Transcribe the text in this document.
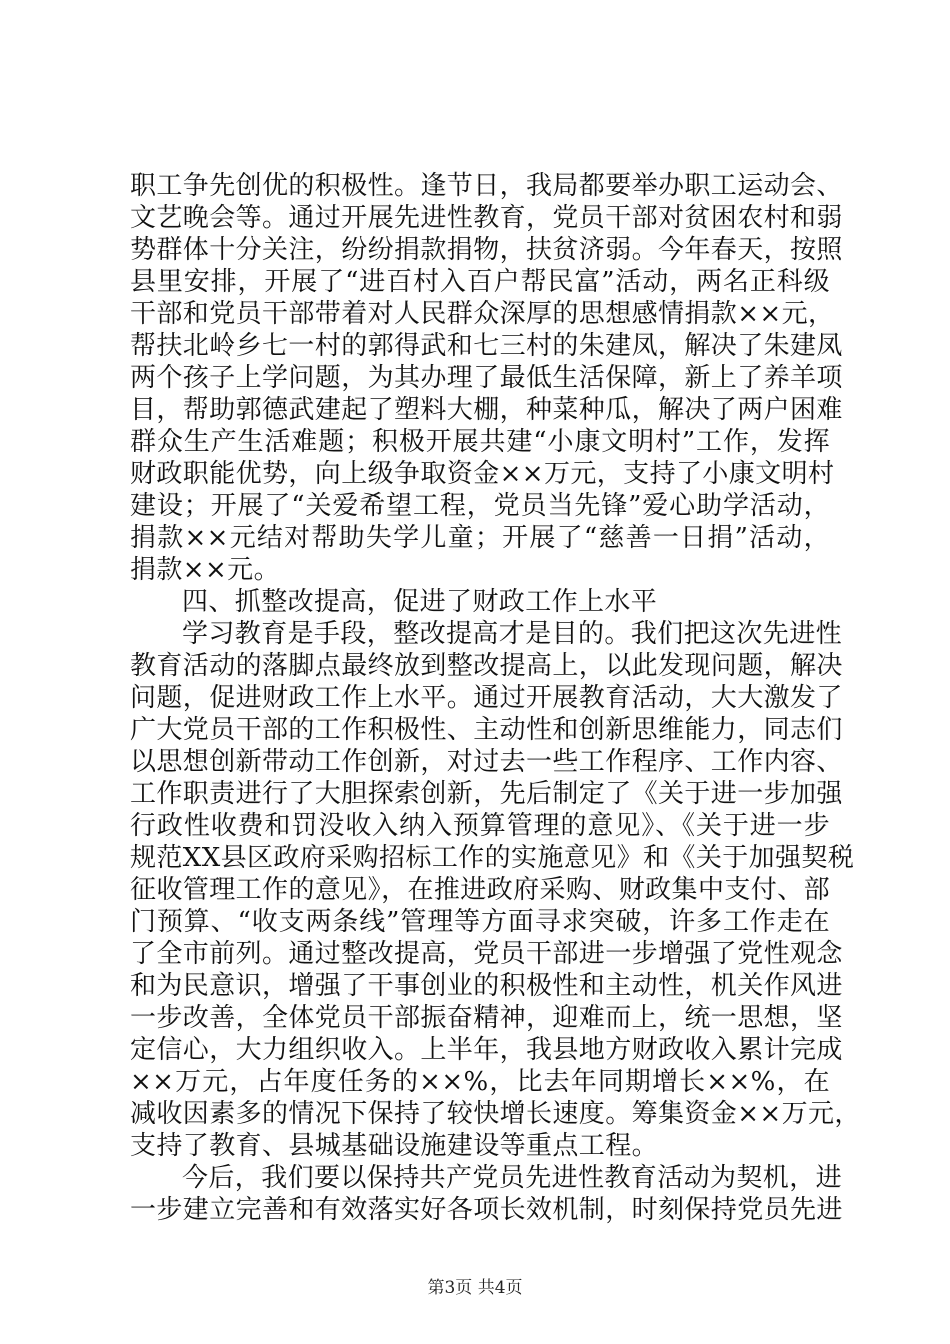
职工争先创优的积极性。逢节日，我局都要举办职工运动会、
文艺晚会等。通过开展先进性教育，党员干部对贫困农村和弱
势群体十分关注，纷纷捐款捐物，扶贫济弱。今年春天，按照
县里安排，开展了“进百村入百户帮民富”活动，两名正科级
干部和党员干部带着对人民群众深厚的思想感情捐款××元，
帮扶北岭乡七一村的郭得武和七三村的朱建凤，解决了朱建凤
两个孩子上学问题，为其办理了最低生活保障，新上了养羊项
目，帮助郭德武建起了塑料大棚，种菜种瓜，解决了两户困难
群众生产生活难题；积极开展共建“小康文明村”工作，发挥
财政职能优势，向上级争取资金××万元，支持了小康文明村
建设；开展了“关爱希望工程，党员当先锋”爱心助学活动，
捐款××元结对帮助失学儿童；开展了“慈善一日捐”活动，
捐款××元。
四、抓整改提高，促进了财政工作上水平
学习教育是手段，整改提高才是目的。我们把这次先进性
教育活动的落脚点最终放到整改提高上，以此发现问题，解决
问题，促进财政工作上水平。通过开展教育活动，大大激发了
广大党员干部的工作积极性、主动性和创新思维能力，同志们
以思想创新带动工作创新，对过去一些工作程序、工作内容、
工作职责进行了大胆探索创新，先后制定了《关于进一步加强
行政性收费和罚没收入纳入预算管理的意见》、《关于进一步
规范XX县区政府采购招标工作的实施意见》和《关于加强契税
征收管理工作的意见》，在推进政府采购、财政集中支付、部
门预算、“收支两条线”管理等方面寻求突破，许多工作走在
了全市前列。通过整改提高，党员干部进一步增强了党性观念
和为民意识，增强了干事创业的积极性和主动性，机关作风进
一步改善，全体党员干部振奋精神，迎难而上，统一思想，坚
定信心，大力组织收入。上半年，我县地方财政收入累计完成
××万元，占年度任务的××%，比去年同期增长××%，在
减收因素多的情况下保持了较快增长速度。筹集资金××万元，
支持了教育、县城基础设施建设等重点工程。
今后，我们要以保持共产党员先进性教育活动为契机，进
一步建立完善和有效落实好各项长效机制，时刻保持党员先进
第3页 共4页
